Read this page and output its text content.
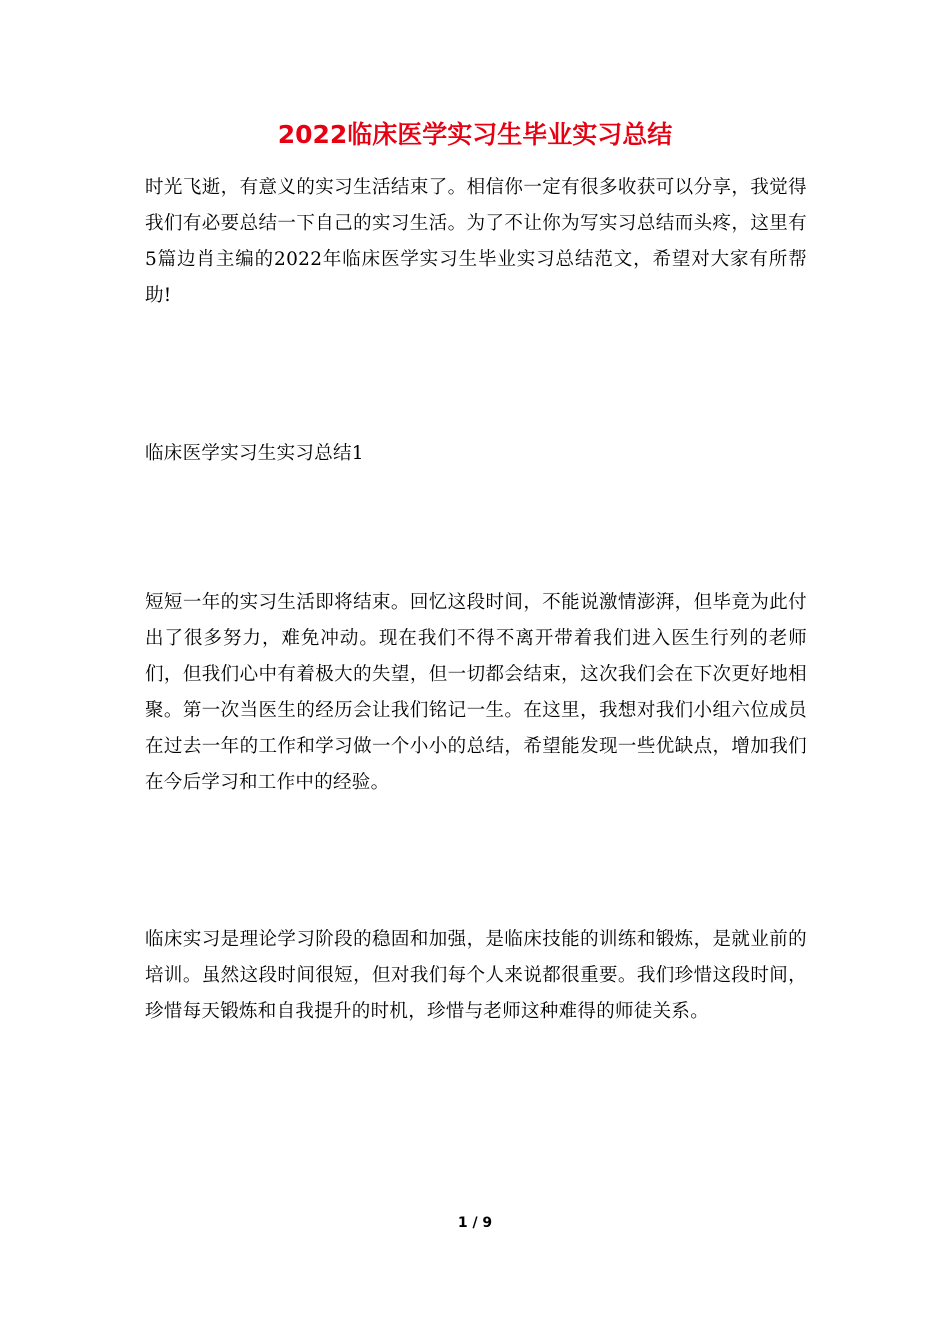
2022临床医学实习生毕业实习总结

时光飞逝，有意义的实习生活结束了。相信你一定有很多收获可以分享，我觉得我们有必要总结一下自己的实习生活。为了不让你为写实习总结而头疼，这里有5篇边肖主编的2022年临床医学实习生毕业实习总结范文，希望对大家有所帮助!

临床医学实习生实习总结1

短短一年的实习生活即将结束。回忆这段时间，不能说激情澎湃，但毕竟为此付出了很多努力，难免冲动。现在我们不得不离开带着我们进入医生行列的老师们，但我们心中有着极大的失望，但一切都会结束，这次我们会在下次更好地相聚。第一次当医生的经历会让我们铭记一生。在这里，我想对我们小组六位成员在过去一年的工作和学习做一个小小的总结，希望能发现一些优缺点，增加我们在今后学习和工作中的经验。

临床实习是理论学习阶段的稳固和加强，是临床技能的训练和锻炼，是就业前的培训。虽然这段时间很短，但对我们每个人来说都很重要。我们珍惜这段时间，珍惜每天锻炼和自我提升的时机，珍惜与老师这种难得的师徒关系。

1 / 9
